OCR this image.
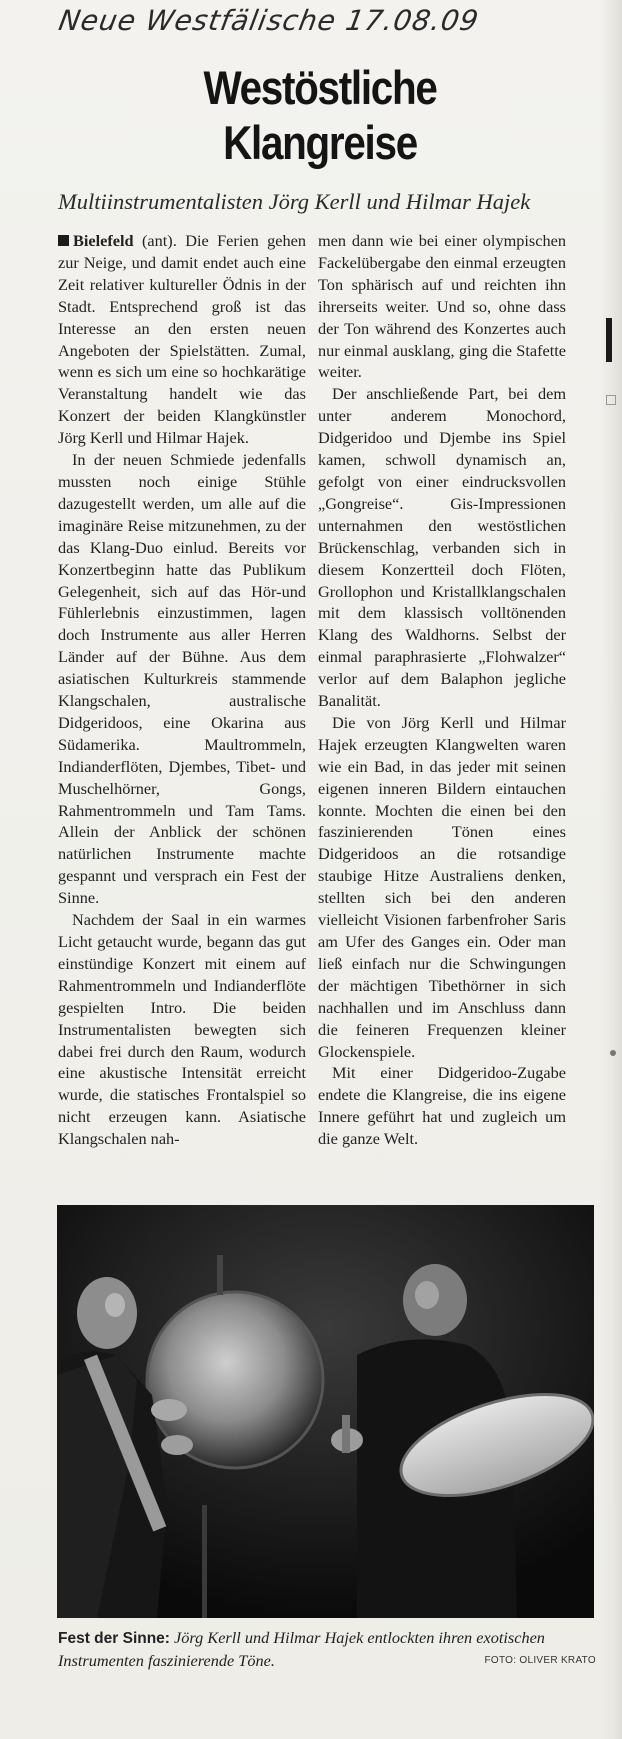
Neue Westfälische 17.08.09
Westöstliche
Klangreise
Multiinstrumentalisten Jörg Kerll und Hilmar Hajek

Bielefeld (ant). Die Ferien gehen zur Neige, und damit endet auch eine Zeit relativer kultureller Ödnis in der Stadt. Entsprechend groß ist das Interesse an den ersten neuen Angeboten der Spielstätten. Zumal, wenn es sich um eine so hochkarätige Veranstaltung handelt wie das Konzert der beiden Klangkünstler Jörg Kerll und Hilmar Hajek.

In der neuen Schmiede jedenfalls mussten noch einige Stühle dazugestellt werden, um alle auf die imaginäre Reise mitzunehmen, zu der das Klang-Duo einlud. Bereits vor Konzertbeginn hatte das Publikum Gelegenheit, sich auf das Hör-und Fühlerlebnis einzustimmen, lagen doch Instrumente aus aller Herren Länder auf der Bühne. Aus dem asiatischen Kulturkreis stammende Klangschalen, australische Didgeridoos, eine Okarina aus Südamerika. Maultrommeln, Indianderflöten, Djembes, Tibet- und Muschelhörner, Gongs, Rahmentrommeln und Tam Tams. Allein der Anblick der schönen natürlichen Instrumente machte gespannt und versprach ein Fest der Sinne.

Nachdem der Saal in ein warmes Licht getaucht wurde, begann das gut einstündige Konzert mit einem auf Rahmentrommeln und Indianderflöte gespielten Intro. Die beiden Instrumentalisten bewegten sich dabei frei durch den Raum, wodurch eine akustische Intensität erreicht wurde, die statisches Frontalspiel so nicht erzeugen kann. Asiatische Klangschalen nah-

men dann wie bei einer olympischen Fackelübergabe den einmal erzeugten Ton sphärisch auf und reichten ihn ihrerseits weiter. Und so, ohne dass der Ton während des Konzertes auch nur einmal ausklang, ging die Stafette weiter.

Der anschließende Part, bei dem unter anderem Monochord, Didgeridoo und Djembe ins Spiel kamen, schwoll dynamisch an, gefolgt von einer eindrucksvollen „Gongreise“. Gis-Impressionen unternahmen den westöstlichen Brückenschlag, verbanden sich in diesem Konzertteil doch Flöten, Grollophon und Kristallklangschalen mit dem klassisch volltönenden Klang des Waldhorns. Selbst der einmal paraphrasierte „Flohwalzer“ verlor auf dem Balaphon jegliche Banalität.

Die von Jörg Kerll und Hilmar Hajek erzeugten Klangwelten waren wie ein Bad, in das jeder mit seinen eigenen inneren Bildern eintauchen konnte. Mochten die einen bei den faszinierenden Tönen eines Didgeridoos an die rotsandige staubige Hitze Australiens denken, stellten sich bei den anderen vielleicht Visionen farbenfroher Saris am Ufer des Ganges ein. Oder man ließ einfach nur die Schwingungen der mächtigen Tibethörner in sich nachhallen und im Anschluss dann die feineren Frequenzen kleiner Glockenspiele.

Mit einer Didgeridoo-Zugabe endete die Klangreise, die ins eigene Innere geführt hat und zugleich um die ganze Welt.

Fest der Sinne: Jörg Kerll und Hilmar Hajek entlockten ihren exotischen Instrumenten faszinierende Töne.	FOTO: OLIVER KRATO
